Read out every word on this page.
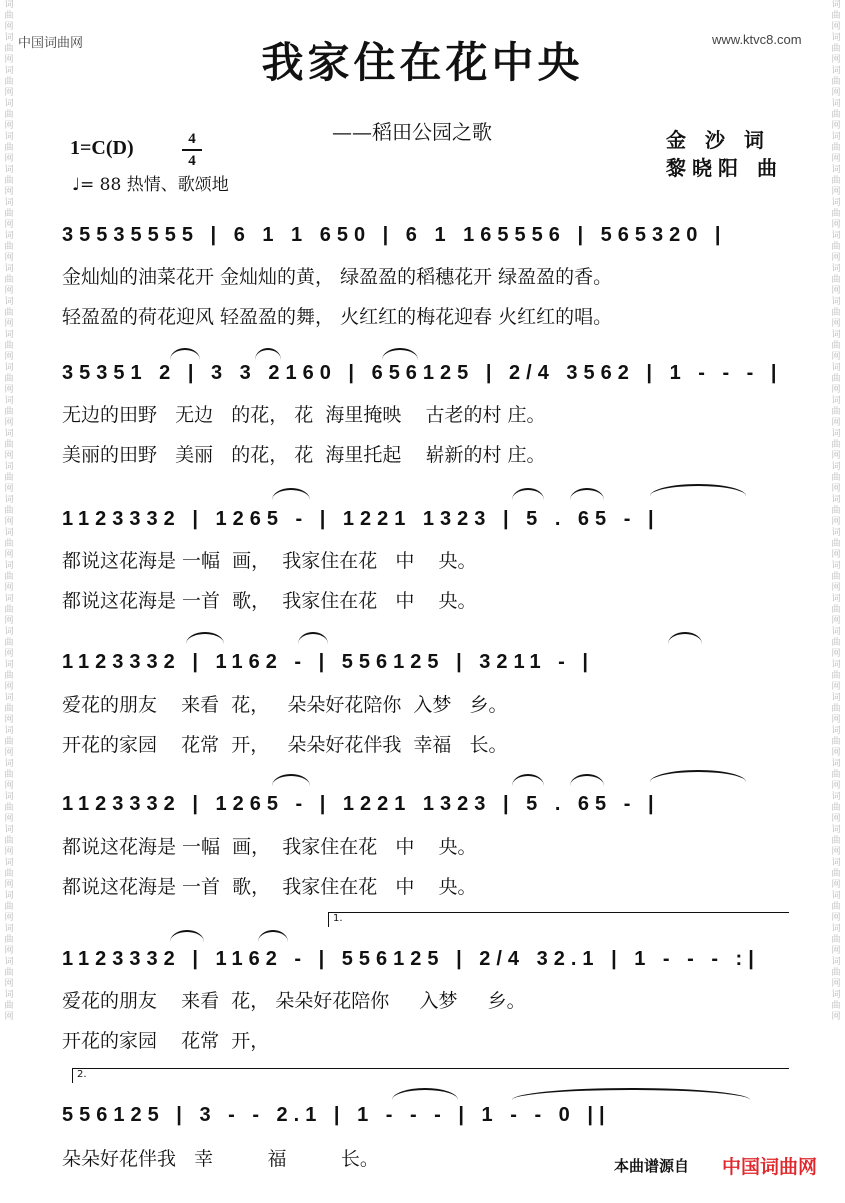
词曲网词曲网词曲网词曲网词曲网词曲网词曲网词曲网词曲网词曲网词曲网词曲网词曲网词曲网词曲网词曲网词曲网词曲网词曲网词曲网词曲网词曲网词曲网词曲网词曲网词曲网词曲网词曲网词曲网词曲网词曲网
词曲网词曲网词曲网词曲网词曲网词曲网词曲网词曲网词曲网词曲网词曲网词曲网词曲网词曲网词曲网词曲网词曲网词曲网词曲网词曲网词曲网词曲网词曲网词曲网词曲网词曲网词曲网词曲网词曲网词曲网词曲网
中国词曲网	www.ktvc8.com
我家住在花中央
——稻田公园之歌
1=C(D)	4
4
♩= 88 热情、歌颂地
金 沙 词
黎晓阳 曲
35535555 | 6 1 1 650 | 6 1 165556 | 565320 |
金灿灿的油菜花开 金灿灿的黄， 绿盈盈的稻穗花开 绿盈盈的香。
轻盈盈的荷花迎风 轻盈盈的舞， 火红红的梅花迎春 火红红的唱。
35351 2 | 3 3 2160 | 656125 | 2/4 3562 | 1 - - - |
无边的田野   无边   的花， 花  海里掩映    古老的村 庄。
美丽的田野   美丽   的花， 花  海里托起    崭新的村 庄。
1123332 | 1265 - | 1221 1323 | 5 . 65 - |
都说这花海是 一幅  画，  我家住在花   中    央。
都说这花海是 一首  歌，  我家住在花   中    央。
1123332 | 1162 - | 556125 | 3211 - |
爱花的朋友    来看  花，   朵朵好花陪你  入梦   乡。
开花的家园    花常  开，   朵朵好花伴我  幸福   长。
1123332 | 1265 - | 1221 1323 | 5 . 65 - |
都说这花海是 一幅  画，  我家住在花   中    央。
都说这花海是 一首  歌，  我家住在花   中    央。
1.
1123332 | 1162 - | 556125 | 2/4 32.1 | 1 - - - :|
爱花的朋友    来看  花， 朵朵好花陪你     入梦     乡。
开花的家园    花常  开，
2.
556125 | 3 - - 2.1 | 1 - - - | 1 - - 0 ||
朵朵好花伴我   幸         福         长。	本曲谱源自 中国词曲网
